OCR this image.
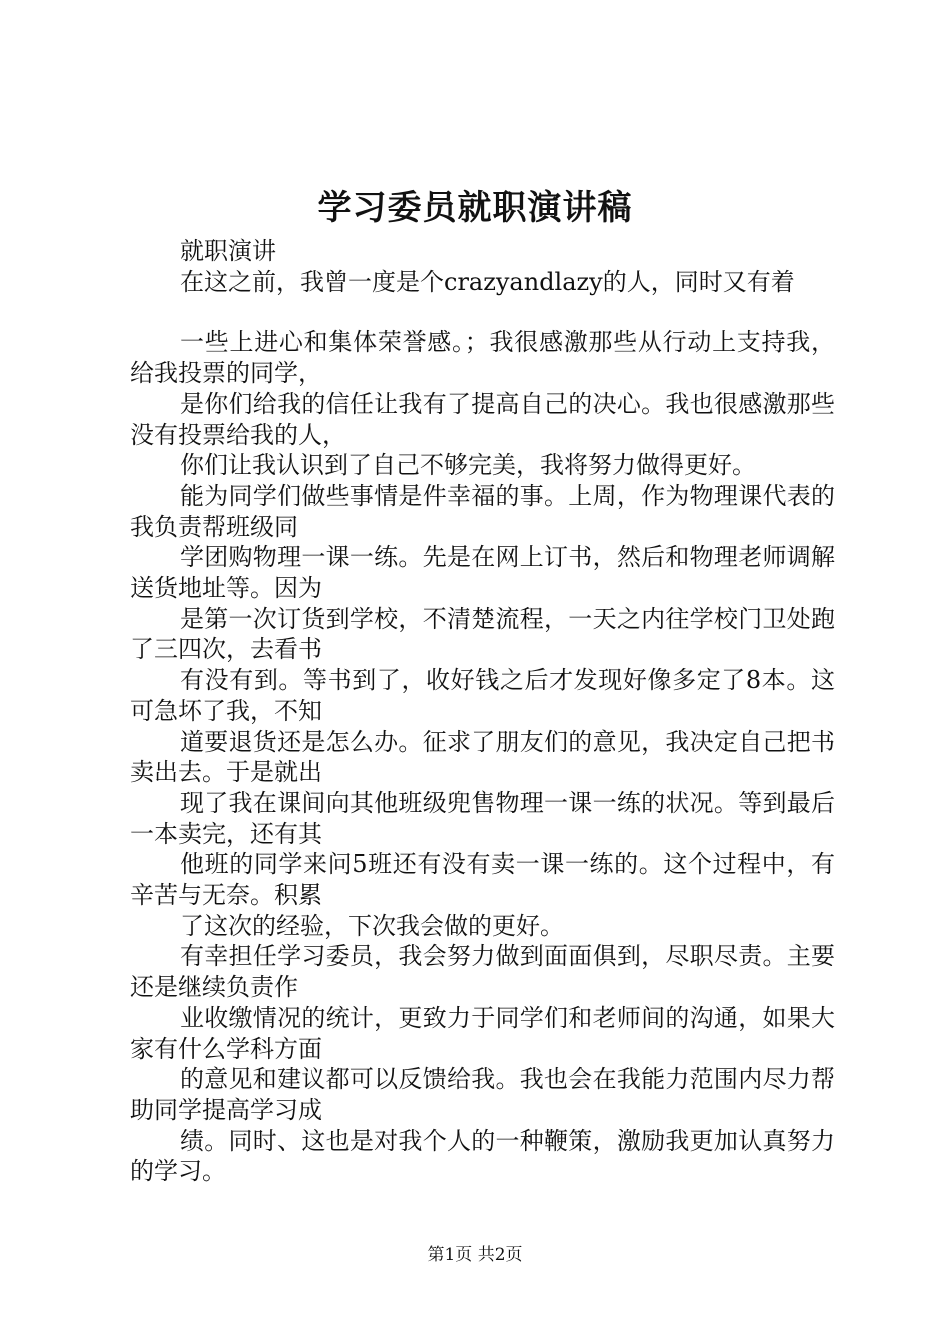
学习委员就职演讲稿

就职演讲

在这之前，我曾一度是个crazyandlazy的人，同时又有着

一些上进心和集体荣誉感。；我很感激那些从行动上支持我，给我投票的同学，

是你们给我的信任让我有了提高自己的决心。我也很感激那些没有投票给我的人，

你们让我认识到了自己不够完美，我将努力做得更好。

能为同学们做些事情是件幸福的事。上周，作为物理课代表的我负责帮班级同

学团购物理一课一练。先是在网上订书，然后和物理老师调解送货地址等。因为

是第一次订货到学校，不清楚流程，一天之内往学校门卫处跑了三四次，去看书

有没有到。等书到了，收好钱之后才发现好像多定了8本。这可急坏了我，不知

道要退货还是怎么办。征求了朋友们的意见，我决定自己把书卖出去。于是就出

现了我在课间向其他班级兜售物理一课一练的状况。等到最后一本卖完，还有其

他班的同学来问5班还有没有卖一课一练的。这个过程中，有辛苦与无奈。积累

了这次的经验，下次我会做的更好。

有幸担任学习委员，我会努力做到面面俱到，尽职尽责。主要还是继续负责作

业收缴情况的统计，更致力于同学们和老师间的沟通，如果大家有什么学科方面

的意见和建议都可以反馈给我。我也会在我能力范围内尽力帮助同学提高学习成

绩。同时、这也是对我个人的一种鞭策，激励我更加认真努力的学习。

第1页 共2页
